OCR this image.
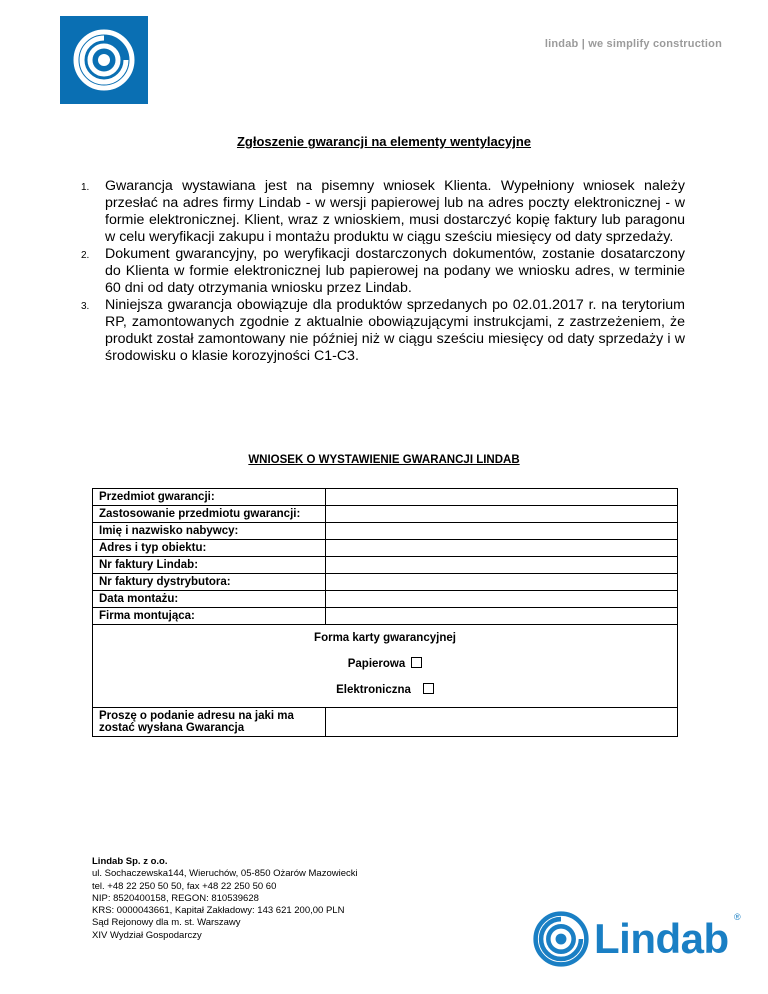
lindab | we simplify construction
Zgłoszenie gwarancji na elementy wentylacyjne
1. Gwarancja wystawiana jest na pisemny wniosek Klienta. Wypełniony wniosek należy przesłać na adres firmy Lindab - w wersji papierowej lub na adres poczty elektronicznej - w formie elektronicznej. Klient, wraz z wnioskiem, musi dostarczyć kopię faktury lub paragonu w celu weryfikacji zakupu i montażu produktu w ciągu sześciu miesięcy od daty sprzedaży.
2. Dokument gwarancyjny, po weryfikacji dostarczonych dokumentów, zostanie dosatarczony do Klienta w formie elektronicznej lub papierowej na podany we wniosku adres, w terminie 60 dni od daty otrzymania wniosku przez Lindab.
3. Niniejsza gwarancja obowiązuje dla produktów sprzedanych po 02.01.2017 r. na terytorium RP, zamontowanych zgodnie z aktualnie obowiązującymi instrukcjami, z zastrzeżeniem, że produkt został zamontowany nie później niż w ciągu sześciu miesięcy od daty sprzedaży i w środowisku o klasie korozyjności C1-C3.
WNIOSEK O WYSTAWIENIE GWARANCJI LINDAB
Przedmiot gwarancji:	
Zastosowanie przedmiotu gwarancji:	
Imię i nazwisko nabywcy:	
Adres i typ obiektu:	
Nr faktury Lindab:	
Nr faktury dystrybutora:	
Data montażu:	
Firma montująca:	

Forma karty gwarancyjnej
Papierowa
Elektroniczna	

Proszę o podanie adresu na jaki ma zostać wysłana Gwarancja	
Lindab Sp. z o.o.
ul. Sochaczewska144, Wieruchów, 05-850 Ożarów Mazowiecki
tel. +48 22 250 50 50, fax +48 22 250 50 60
NIP: 8520400158, REGON: 810539628
KRS: 0000043661, Kapitał Zakładowy: 143 621 200,00 PLN
Sąd Rejonowy dla m. st. Warszawy
XIV Wydział Gospodarczy	Lindab ®
